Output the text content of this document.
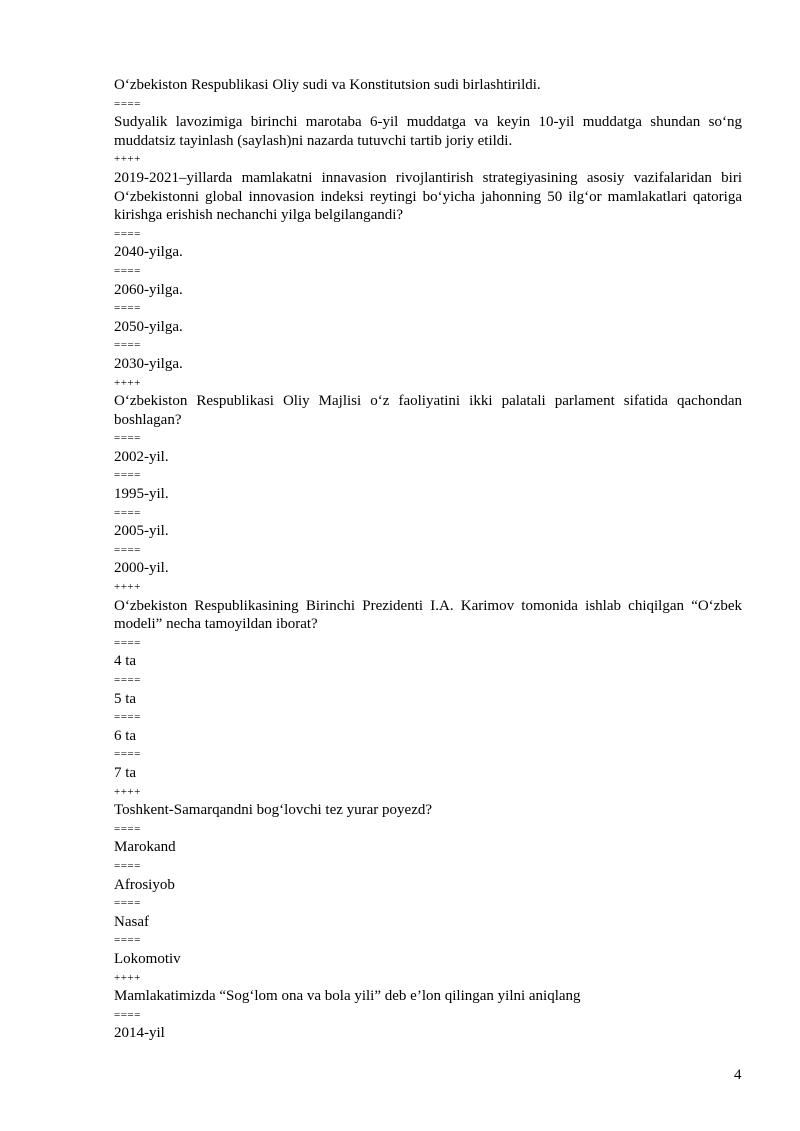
O‘zbekiston Respublikasi Oliy sudi va Konstitutsion sudi birlashtirildi.

====

Sudyalik lavozimiga birinchi marotaba 6-yil muddatga va keyin 10-yil muddatga shundan so‘ng muddatsiz tayinlash (saylash)ni nazarda tutuvchi tartib joriy etildi.

++++

2019-2021–yillarda mamlakatni innavasion rivojlantirish strategiyasining asosiy vazifalaridan biri O‘zbekistonni global innovasion indeksi reytingi bo‘yicha jahonning 50 ilg‘or mamlakatlari qatoriga kirishga erishish nechanchi yilga belgilangandi?

====

2040-yilga.

====

2060-yilga.

====

2050-yilga.

====

2030-yilga.

++++

O‘zbekiston Respublikasi Oliy Majlisi o‘z faoliyatini ikki palatali parlament sifatida qachondan boshlagan?

====

2002-yil.

====

1995-yil.

====

2005-yil.

====

2000-yil.

++++

O‘zbekiston Respublikasining Birinchi Prezidenti I.A. Karimov tomonida ishlab chiqilgan “O‘zbek modeli” necha tamoyildan iborat?

====

4 ta

====

5 ta

====

6 ta

====

7 ta

++++

Toshkent-Samarqandni bog‘lovchi tez yurar poyezd?

====

Marokand

====

Afrosiyob

====

Nasaf

====

Lokomotiv

++++

Mamlakatimizda “Sog‘lom ona va bola yili” deb e’lon qilingan yilni aniqlang

====

2014-yil

4
